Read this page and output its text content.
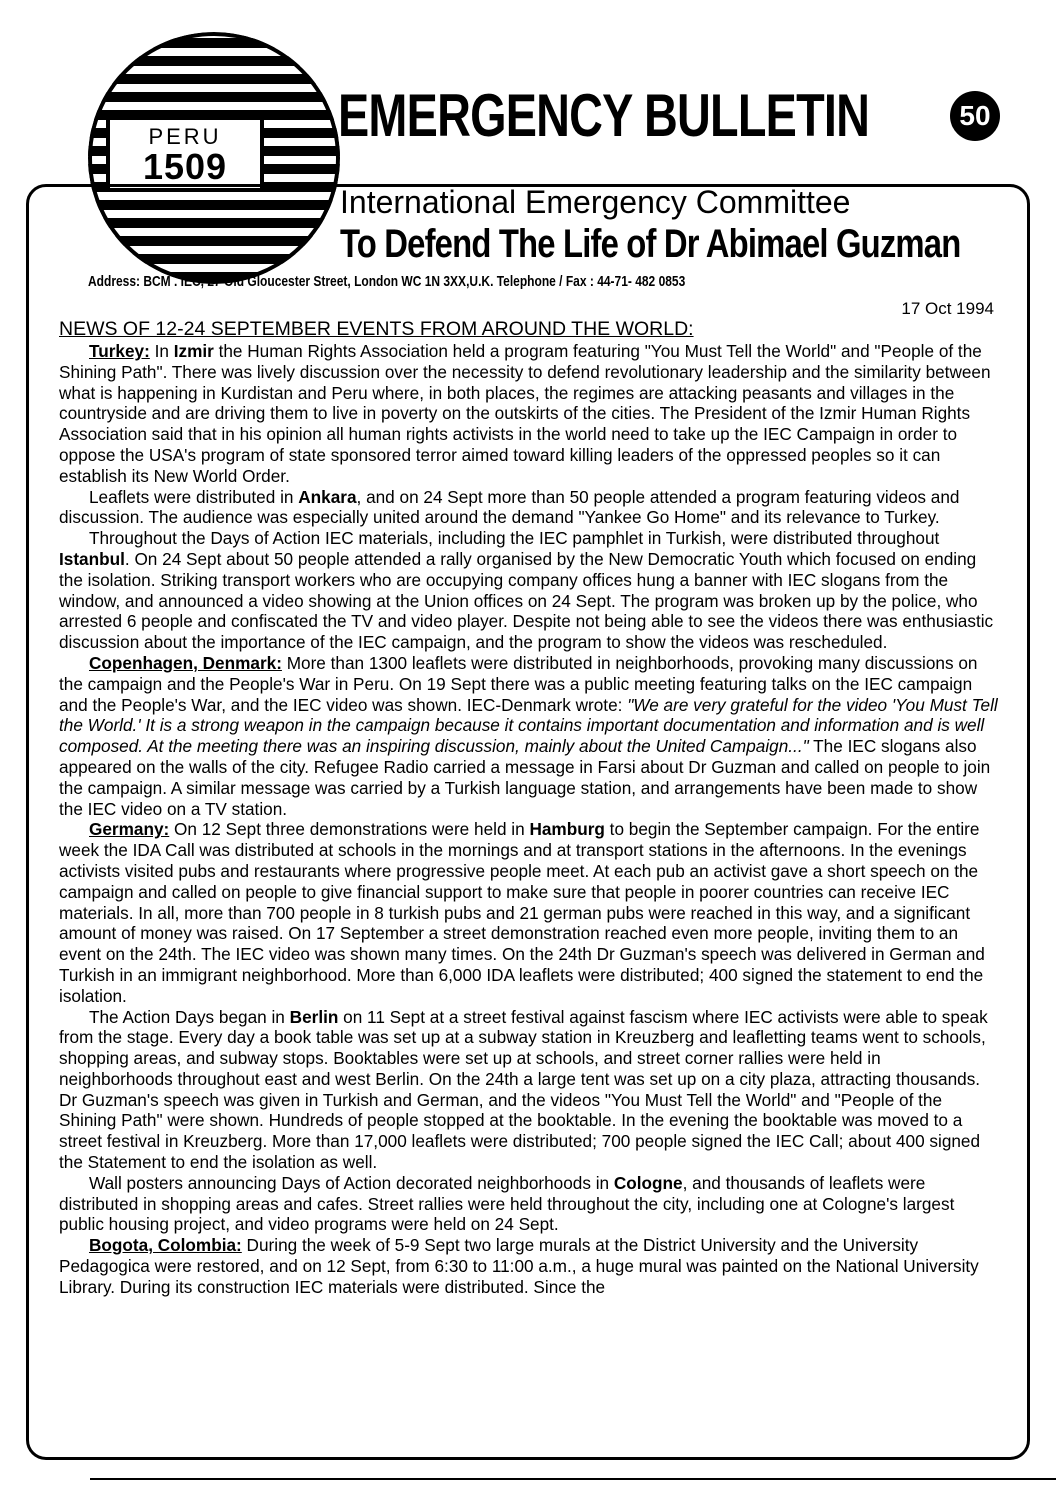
PERU
1509
EMERGENCY BULLETIN	50
International Emergency Committee
To Defend The Life of Dr Abimael Guzman
Address: BCM . IEC, 27 Old Gloucester Street, London WC 1N 3XX,U.K. Telephone / Fax : 44-71- 482 0853
17 Oct 1994
NEWS OF 12-24 SEPTEMBER EVENTS FROM AROUND THE WORLD:

Turkey: In Izmir the Human Rights Association held a program featuring "You Must Tell the World" and "People of the Shining Path". There was lively discussion over the necessity to defend revolutionary leadership and the similarity between what is happening in Kurdistan and Peru where, in both places, the regimes are attacking peasants and villages in the countryside and are driving them to live in poverty on the outskirts of the cities. The President of the Izmir Human Rights Association said that in his opinion all human rights activists in the world need to take up the IEC Campaign in order to oppose the USA's program of state sponsored terror aimed toward killing leaders of the oppressed peoples so it can establish its New World Order.

Leaflets were distributed in Ankara, and on 24 Sept more than 50 people attended a program featuring videos and discussion. The audience was especially united around the demand "Yankee Go Home" and its relevance to Turkey.

Throughout the Days of Action IEC materials, including the IEC pamphlet in Turkish, were distributed throughout Istanbul. On 24 Sept about 50 people attended a rally organised by the New Democratic Youth which focused on ending the isolation. Striking transport workers who are occupying company offices hung a banner with IEC slogans from the window, and announced a video showing at the Union offices on 24 Sept. The program was broken up by the police, who arrested 6 people and confiscated the TV and video player. Despite not being able to see the videos there was enthusiastic discussion about the importance of the IEC campaign, and the program to show the videos was rescheduled.

Copenhagen, Denmark: More than 1300 leaflets were distributed in neighborhoods, provoking many discussions on the campaign and the People's War in Peru. On 19 Sept there was a public meeting featuring talks on the IEC campaign and the People's War, and the IEC video was shown. IEC-Denmark wrote: "We are very grateful for the video 'You Must Tell the World.' It is a strong weapon in the campaign because it contains important documentation and information and is well composed. At the meeting there was an inspiring discussion, mainly about the United Campaign..." The IEC slogans also appeared on the walls of the city. Refugee Radio carried a message in Farsi about Dr Guzman and called on people to join the campaign. A similar message was carried by a Turkish language station, and arrangements have been made to show the IEC video on a TV station.

Germany: On 12 Sept three demonstrations were held in Hamburg to begin the September campaign. For the entire week the IDA Call was distributed at schools in the mornings and at transport stations in the afternoons. In the evenings activists visited pubs and restaurants where progressive people meet. At each pub an activist gave a short speech on the campaign and called on people to give financial support to make sure that people in poorer countries can receive IEC materials. In all, more than 700 people in 8 turkish pubs and 21 german pubs were reached in this way, and a significant amount of money was raised. On 17 September a street demonstration reached even more people, inviting them to an event on the 24th. The IEC video was shown many times. On the 24th Dr Guzman's speech was delivered in German and Turkish in an immigrant neighborhood. More than 6,000 IDA leaflets were distributed; 400 signed the statement to end the isolation.

The Action Days began in Berlin on 11 Sept at a street festival against fascism where IEC activists were able to speak from the stage. Every day a book table was set up at a subway station in Kreuzberg and leafletting teams went to schools, shopping areas, and subway stops. Booktables were set up at schools, and street corner rallies were held in neighborhoods throughout east and west Berlin. On the 24th a large tent was set up on a city plaza, attracting thousands. Dr Guzman's speech was given in Turkish and German, and the videos "You Must Tell the World" and "People of the Shining Path" were shown. Hundreds of people stopped at the booktable. In the evening the booktable was moved to a street festival in Kreuzberg. More than 17,000 leaflets were distributed; 700 people signed the IEC Call; about 400 signed the Statement to end the isolation as well.

Wall posters announcing Days of Action decorated neighborhoods in Cologne, and thousands of leaflets were distributed in shopping areas and cafes. Street rallies were held throughout the city, including one at Cologne's largest public housing project, and video programs were held on 24 Sept.

Bogota, Colombia: During the week of 5-9 Sept two large murals at the District University and the University Pedagogica were restored, and on 12 Sept, from 6:30 to 11:00 a.m., a huge mural was painted on the National University Library. During its construction IEC materials were distributed. Since the
